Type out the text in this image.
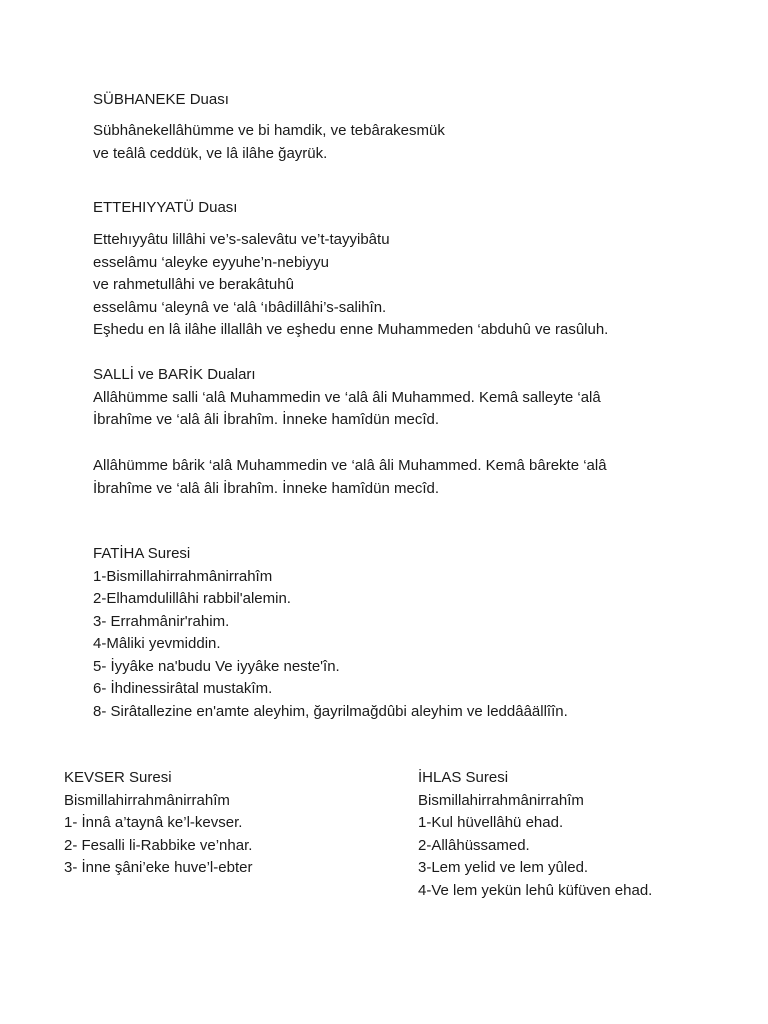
SÜBHANEKE Duası
Sübhânekellâhümme ve bi hamdik, ve tebârakesmük
ve teâlâ ceddük, ve lâ ilâhe ğayrük.
ETTEHIYYATÜ Duası
Ettehıyyâtu lillâhi ve’s-salevâtu ve’t-tayyibâtu
esselâmu ‘aleyke eyyuhe’n-nebiyyu
ve rahmetullâhi ve berakâtuhû
esselâmu ‘aleynâ ve ‘alâ ‘ıbâdillâhi’s-salihîn.
Eşhedu en lâ ilâhe illallâh ve eşhedu enne Muhammeden ‘abduhû ve rasûluh.
SALLİ ve BARİK Duaları
Allâhümme salli ‘alâ Muhammedin ve ‘alâ âli Muhammed. Kemâ salleyte ‘alâ
İbrahîme ve ‘alâ âli İbrahîm. İnneke hamîdün mecîd.
Allâhümme bârik ‘alâ Muhammedin ve ‘alâ âli Muhammed. Kemâ bârekte ‘alâ
İbrahîme ve ‘alâ âli İbrahîm. İnneke hamîdün mecîd.
FATİHA Suresi
1-Bismillahirrahmânirrahîm
2-Elhamdulillâhi rabbil'alemin.
3- Errahmânir'rahim.
4-Mâliki yevmiddin.
5- İyyâke na'budu Ve iyyâke neste'în.
6- İhdinessirâtal mustakîm.
8- Sirâtallezine en'amte aleyhim, ğayrilmağdûbi aleyhim ve leddââällîîn.
KEVSER Suresi
Bismillahirrahmânirrahîm
1- İnnâ a’taynâ ke’l-kevser.
2- Fesalli li-Rabbike ve’nhar.
3- İnne şâni’eke huve’l-ebter
İHLAS Suresi
Bismillahirrahmânirrahîm
1-Kul hüvellâhü ehad.
2-Allâhüssamed.
3-Lem yelid ve lem yûled.
4-Ve lem yekün lehû küfüven ehad.
